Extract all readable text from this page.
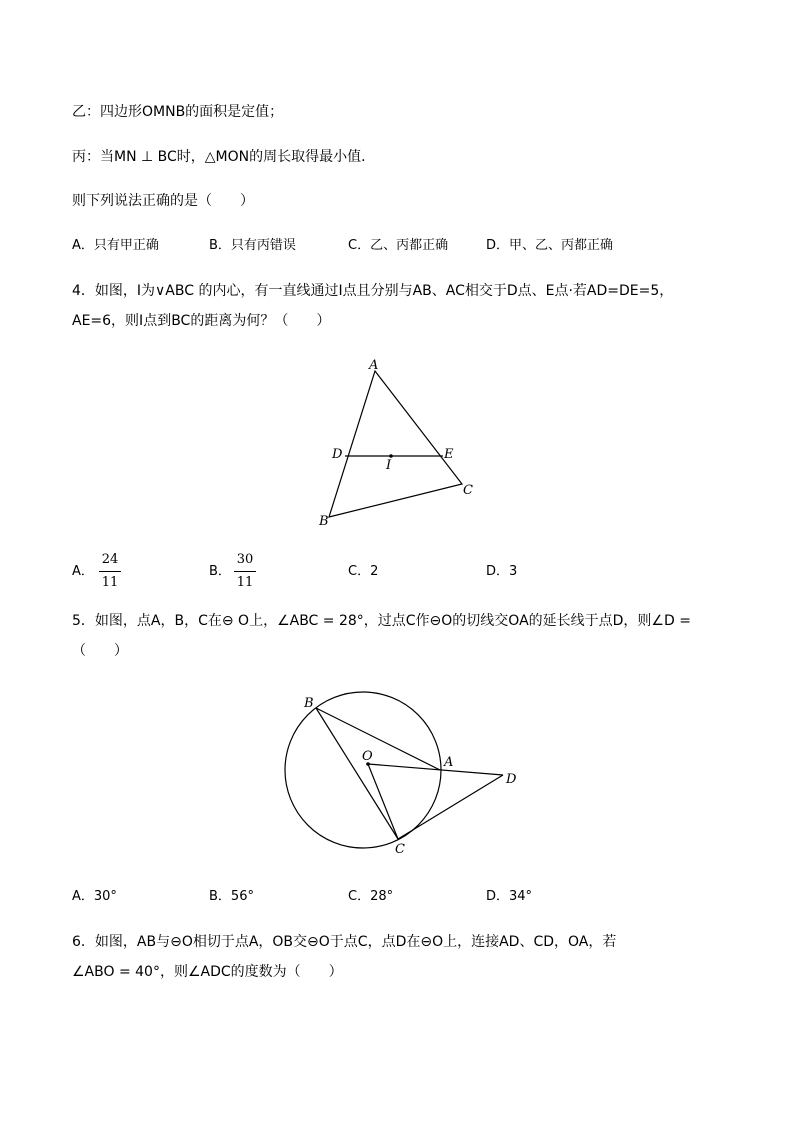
乙：四边形OMNB的面积是定值；
丙：当MN ⊥ BC时，△MON的周长取得最小值．
则下列说法正确的是（　　）
A．只有甲正确	B．只有丙错误	C．乙、丙都正确	D．甲、乙、丙都正确
4．如图，I为∨ABC 的内心，有一直线通过I点且分别与AB、AC相交于D点、E点·若AD=DE=5，
AE=6，则I点到BC的距离为何？（　　）
A
B
C
D	E
I
A．
24
11
B．
30
11
C．2	D．3
5．如图，点A，B，C在⊖ O上，∠ABC = 28°，过点C作⊖O的切线交OA的延长线于点D，则∠D =
（　　）
B
O	A
D
C
A．30°	B．56°	C．28°	D．34°
6．如图，AB与⊖O相切于点A，OB交⊖O于点C，点D在⊖O上，连接AD、CD，OA，若
∠ABO = 40°，则∠ADC的度数为（　　）
